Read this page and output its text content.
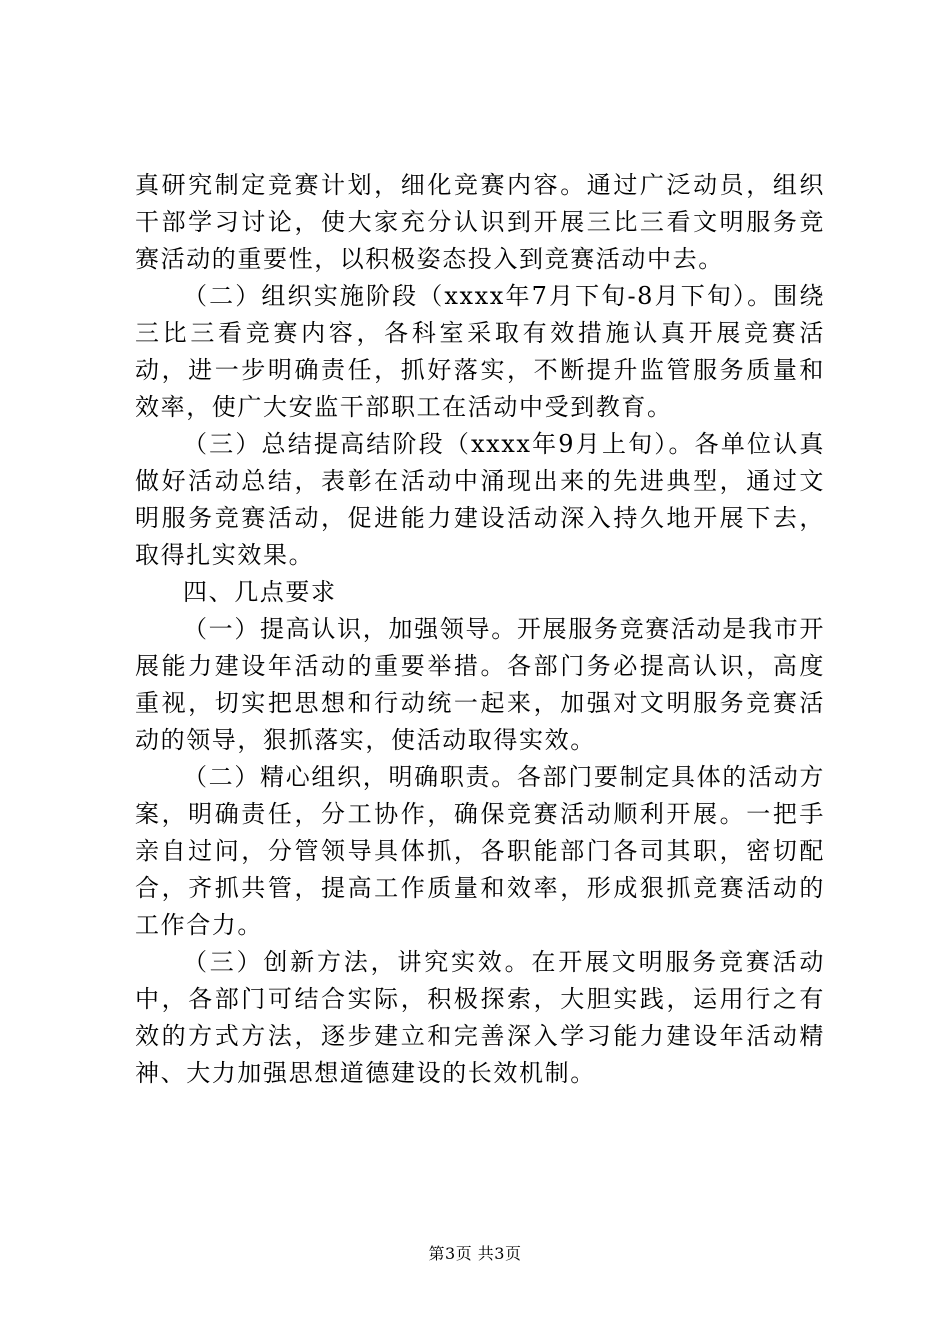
真研究制定竞赛计划，细化竞赛内容。通过广泛动员，组织干部学习讨论，使大家充分认识到开展三比三看文明服务竞赛活动的重要性，以积极姿态投入到竞赛活动中去。

（二）组织实施阶段（xxxx年7月下旬-8月下旬）。围绕三比三看竞赛内容，各科室采取有效措施认真开展竞赛活动，进一步明确责任，抓好落实，不断提升监管服务质量和效率，使广大安监干部职工在活动中受到教育。

（三）总结提高结阶段（xxxx年9月上旬）。各单位认真做好活动总结，表彰在活动中涌现出来的先进典型，通过文明服务竞赛活动，促进能力建设活动深入持久地开展下去，取得扎实效果。

四、几点要求

（一）提高认识，加强领导。开展服务竞赛活动是我市开展能力建设年活动的重要举措。各部门务必提高认识，高度重视，切实把思想和行动统一起来，加强对文明服务竞赛活动的领导，狠抓落实，使活动取得实效。

（二）精心组织，明确职责。各部门要制定具体的活动方案，明确责任，分工协作，确保竞赛活动顺利开展。一把手亲自过问，分管领导具体抓，各职能部门各司其职，密切配合，齐抓共管，提高工作质量和效率，形成狠抓竞赛活动的工作合力。

（三）创新方法，讲究实效。在开展文明服务竞赛活动中，各部门可结合实际，积极探索，大胆实践，运用行之有效的方式方法，逐步建立和完善深入学习能力建设年活动精神、大力加强思想道德建设的长效机制。

第3页 共3页
